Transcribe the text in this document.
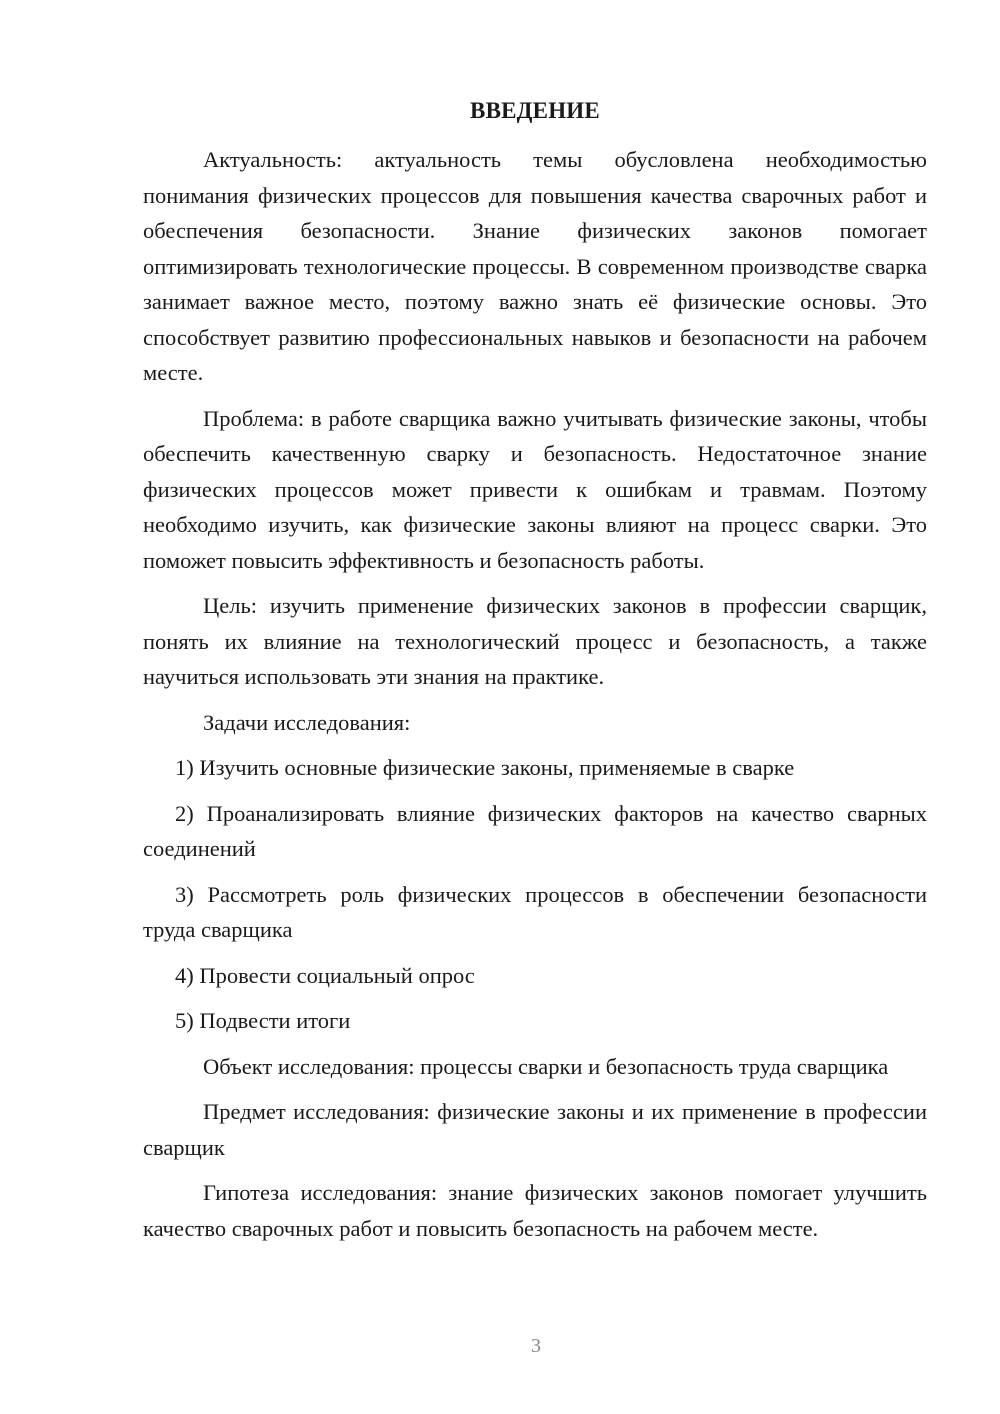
ВВЕДЕНИЕ

Актуальность: актуальность темы обусловлена необходимостью понимания физических процессов для повышения качества сварочных работ и обеспечения безопасности. Знание физических законов помогает оптимизировать технологические процессы. В современном производстве сварка занимает важное место, поэтому важно знать её физические основы. Это способствует развитию профессиональных навыков и безопасности на рабочем месте.

Проблема: в работе сварщика важно учитывать физические законы, чтобы обеспечить качественную сварку и безопасность. Недостаточное знание физических процессов может привести к ошибкам и травмам. Поэтому необходимо изучить, как физические законы влияют на процесс сварки. Это поможет повысить эффективность и безопасность работы.

Цель: изучить применение физических законов в профессии сварщик, понять их влияние на технологический процесс и безопасность, а также научиться использовать эти знания на практике.

Задачи исследования:

1) Изучить основные физические законы, применяемые в сварке

2) Проанализировать влияние физических факторов на качество сварных соединений

3) Рассмотреть роль физических процессов в обеспечении безопасности труда сварщика

4) Провести социальный опрос

5) Подвести итоги

Объект исследования: процессы сварки и безопасность труда сварщика

Предмет исследования: физические законы и их применение в профессии сварщик

Гипотеза исследования: знание физических законов помогает улучшить качество сварочных работ и повысить безопасность на рабочем месте.

3
